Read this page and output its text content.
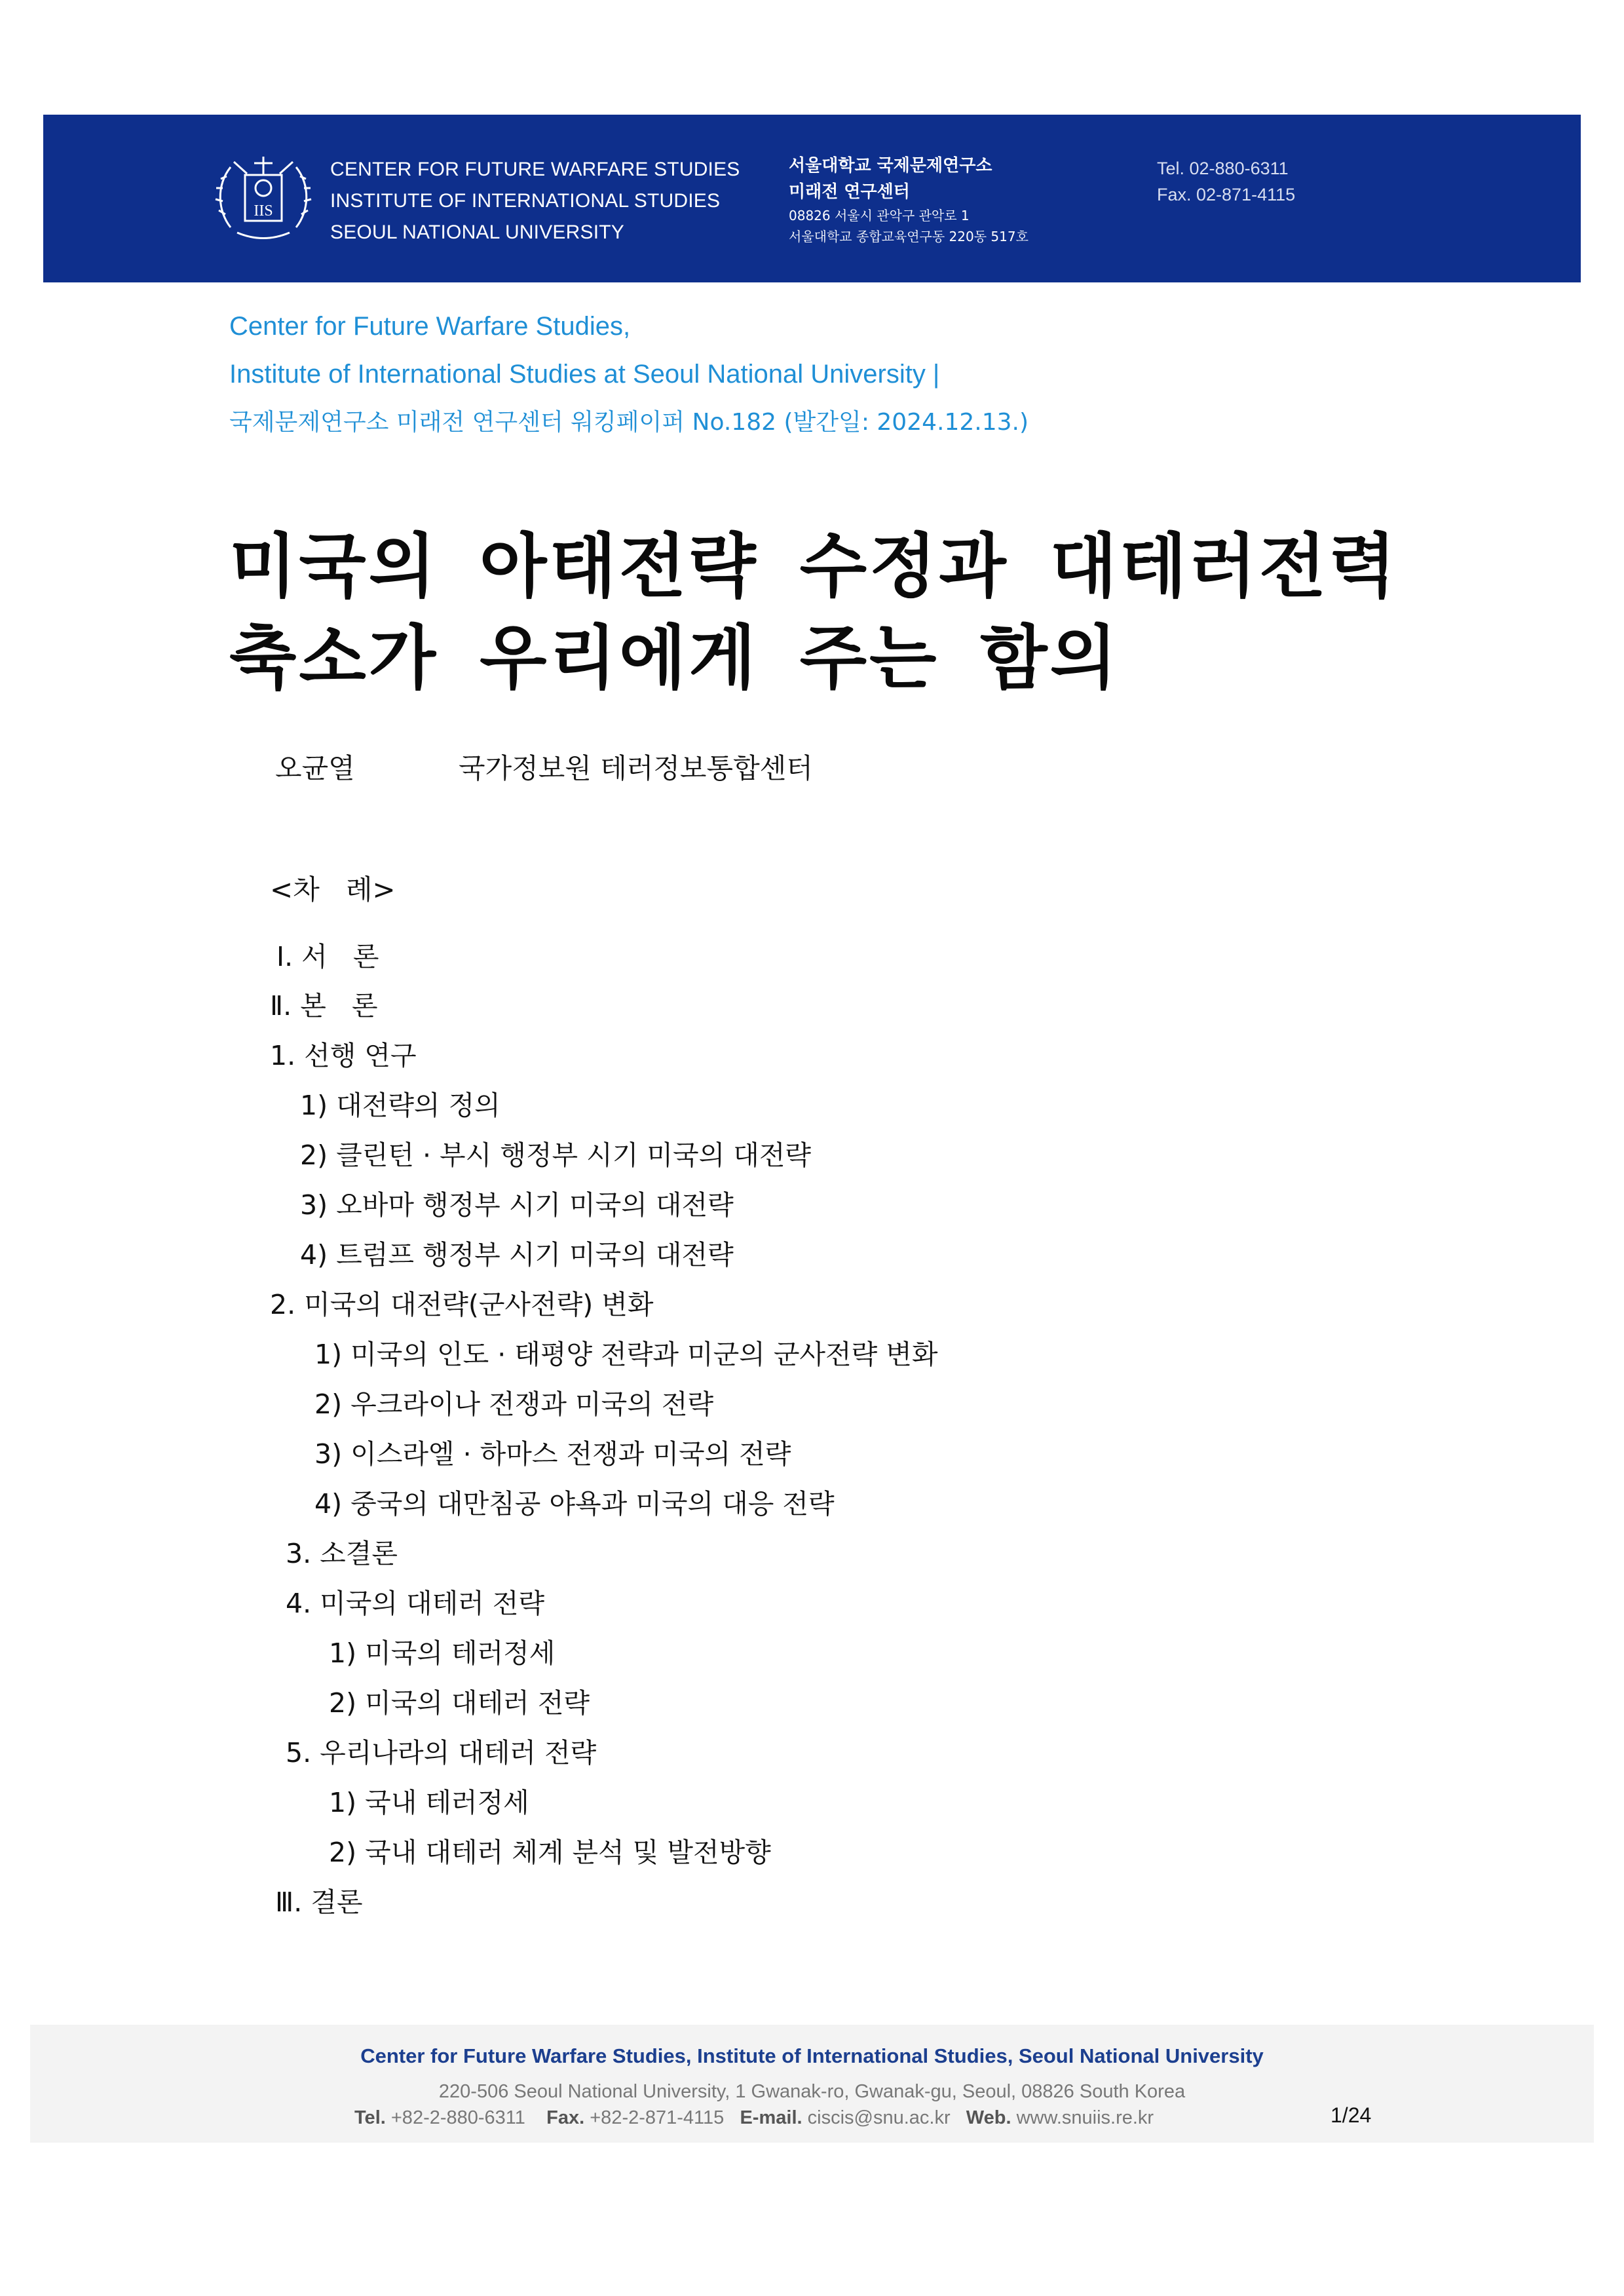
IIS
CENTER FOR FUTURE WARFARE STUDIES
INSTITUTE OF INTERNATIONAL STUDIES
SEOUL NATIONAL UNIVERSITY
서울대학교 국제문제연구소
미래전 연구센터
08826 서울시 관악구 관악로 1
서울대학교 종합교육연구동 220동 517호
Tel. 02-880-6311
Fax. 02-871-4115
Center for Future Warfare Studies,
Institute of International Studies at Seoul National University |
국제문제연구소 미래전 연구센터 워킹페이퍼 No.182 (발간일: 2024.12.13.)
미국의 아태전략 수정과 대테러전력
축소가 우리에게 주는 함의
오균열	국가정보원 테러정보통합센터
<차   례>
Ⅰ. 서   론
Ⅱ. 본   론
1. 선행 연구
1) 대전략의 정의
2) 클린턴 · 부시 행정부 시기 미국의 대전략
3) 오바마 행정부 시기 미국의 대전략
4) 트럼프 행정부 시기 미국의 대전략
2. 미국의 대전략(군사전략) 변화
1) 미국의 인도 · 태평양 전략과 미군의 군사전략 변화
2) 우크라이나 전쟁과 미국의 전략
3) 이스라엘 · 하마스 전쟁과 미국의 전략
4) 중국의 대만침공 야욕과 미국의 대응 전략
3. 소결론
4. 미국의 대테러 전략
1) 미국의 테러정세
2) 미국의 대테러 전략
5. 우리나라의 대테러 전략
1) 국내 테러정세
2) 국내 대테러 체계 분석 및 발전방향
Ⅲ. 결론
Center for Future Warfare Studies, Institute of International Studies, Seoul National University
220-506 Seoul National University, 1 Gwanak-ro, Gwanak-gu, Seoul, 08826 South Korea
Tel. +82-2-880-6311 Fax. +82-2-871-4115 E-mail. ciscis@snu.ac.kr Web. www.snuiis.re.kr	1/24
